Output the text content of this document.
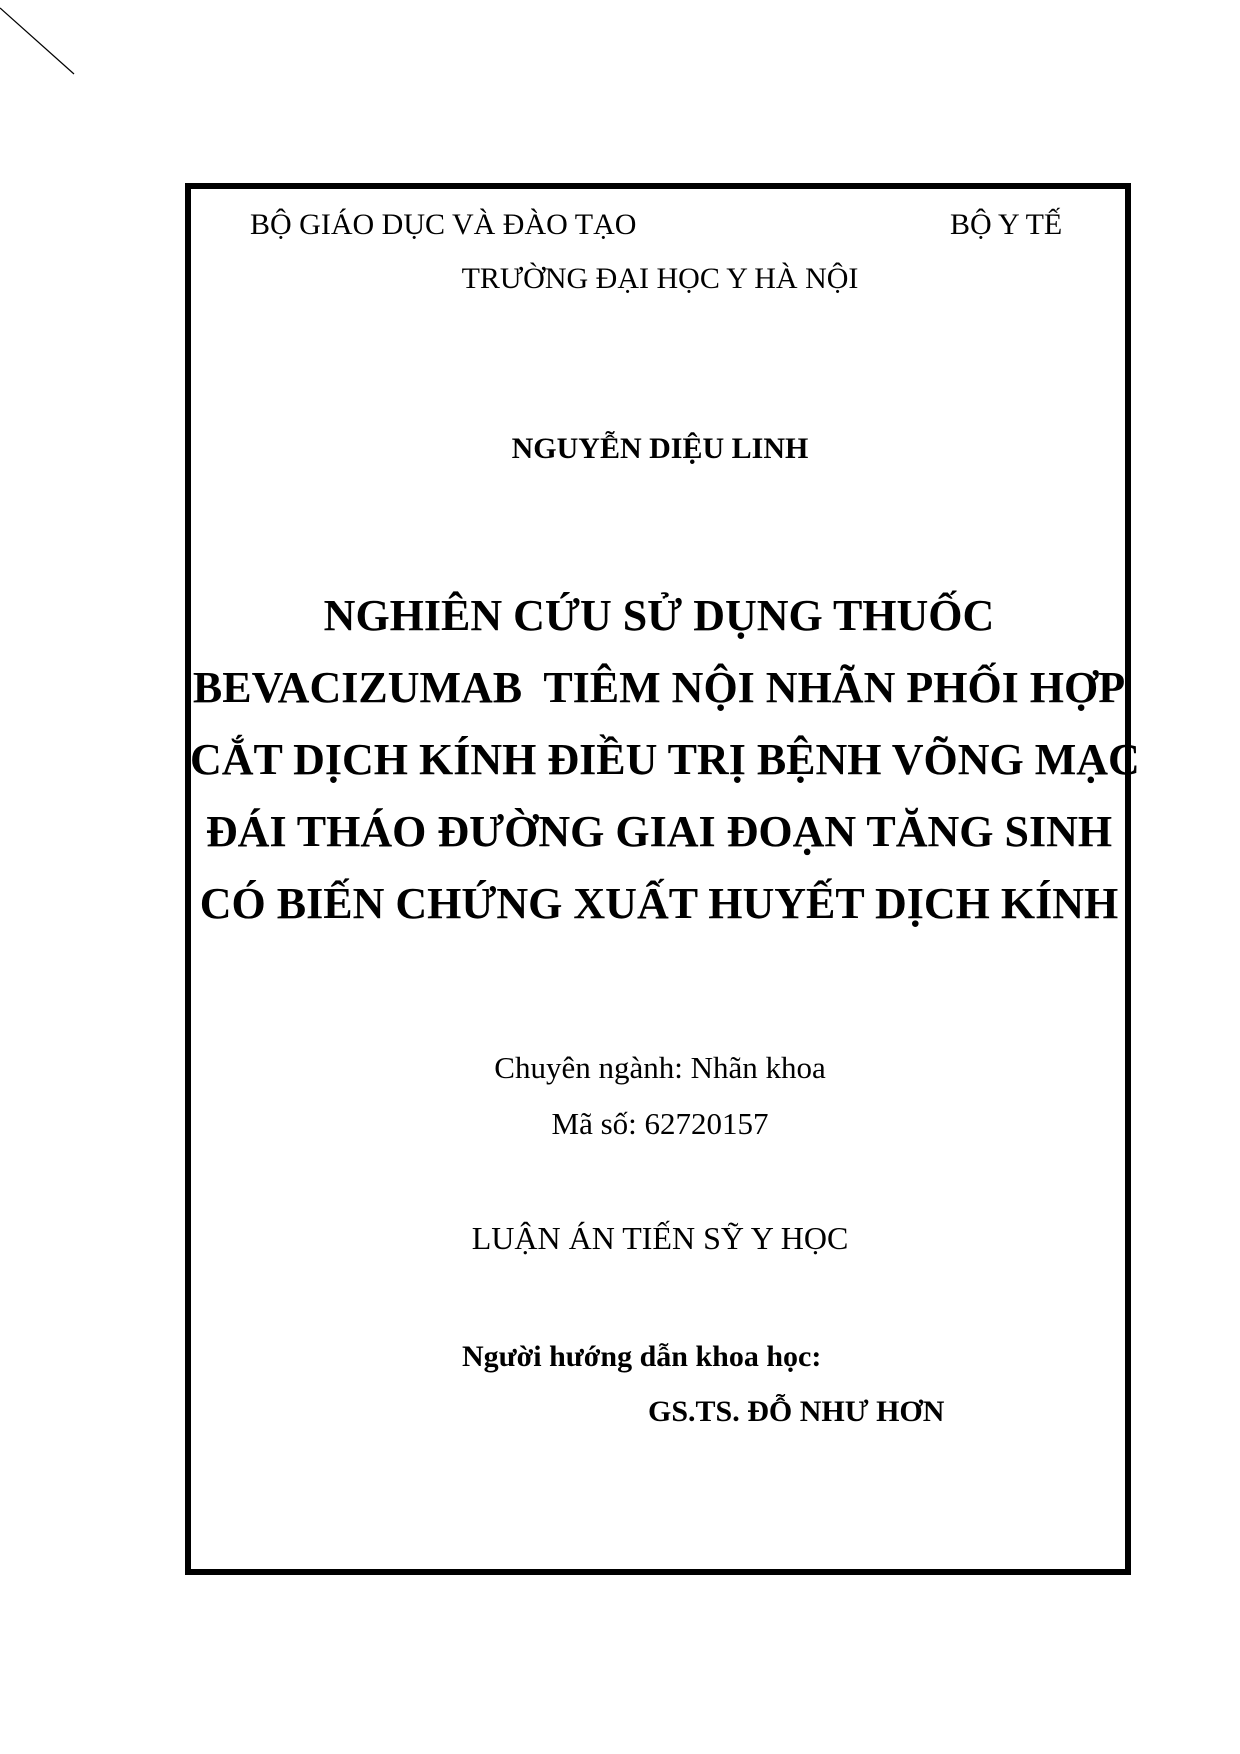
BỘ GIÁO DỤC VÀ ĐÀO TẠO	BỘ Y TẾ
TRƯỜNG ĐẠI HỌC Y HÀ NỘI
NGUYỄN DIỆU LINH
NGHIÊN CỨU SỬ DỤNG THUỐC
BEVACIZUMAB  TIÊM NỘI NHÃN PHỐI HỢP
CẮT DỊCH KÍNH ĐIỀU TRỊ BỆNH VÕNG MẠC
ĐÁI THÁO ĐƯỜNG GIAI ĐOẠN TĂNG SINH
CÓ BIẾN CHỨNG XUẤT HUYẾT DỊCH KÍNH
Chuyên ngành: Nhãn khoa
Mã số: 62720157
LUẬN ÁN TIẾN SỸ Y HỌC
Người hướng dẫn khoa học:
GS.TS. ĐỖ NHƯ HƠN
